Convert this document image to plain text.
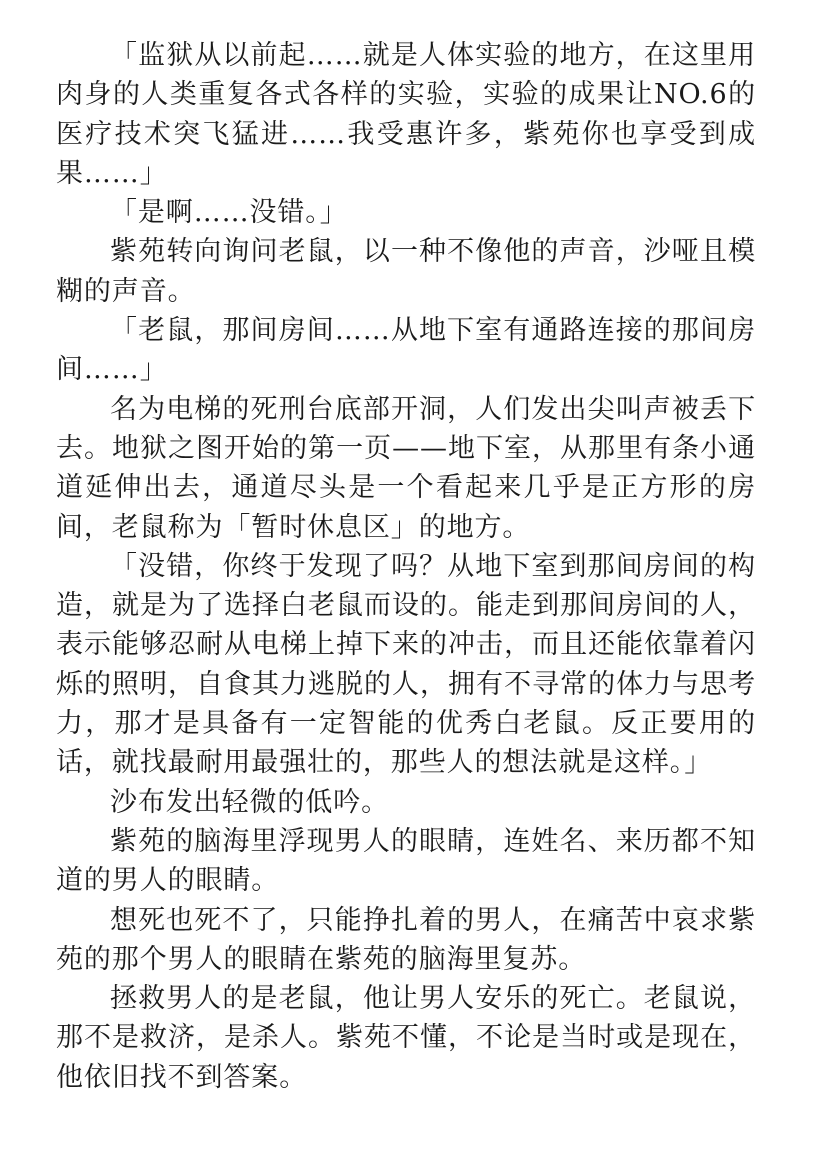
「监狱从以前起……就是人体实验的地方，在这里用肉身的人类重复各式各样的实验，实验的成果让NO.6的医疗技术突飞猛进……我受惠许多，紫苑你也享受到成果……」

「是啊……没错。」

紫苑转向询问老鼠，以一种不像他的声音，沙哑且模糊的声音。

「老鼠，那间房间……从地下室有通路连接的那间房间……」

名为电梯的死刑台底部开洞，人们发出尖叫声被丢下去。地狱之图开始的第一页——地下室，从那里有条小通道延伸出去，通道尽头是一个看起来几乎是正方形的房间，老鼠称为「暂时休息区」的地方。

「没错，你终于发现了吗？从地下室到那间房间的构造，就是为了选择白老鼠而设的。能走到那间房间的人，表示能够忍耐从电梯上掉下来的冲击，而且还能依靠着闪烁的照明，自食其力逃脱的人，拥有不寻常的体力与思考力，那才是具备有一定智能的优秀白老鼠。反正要用的话，就找最耐用最强壮的，那些人的想法就是这样。」

沙布发出轻微的低吟。

紫苑的脑海里浮现男人的眼睛，连姓名、来历都不知道的男人的眼睛。

想死也死不了，只能挣扎着的男人，在痛苦中哀求紫苑的那个男人的眼睛在紫苑的脑海里复苏。

拯救男人的是老鼠，他让男人安乐的死亡。老鼠说，那不是救济，是杀人。紫苑不懂，不论是当时或是现在，他依旧找不到答案。
